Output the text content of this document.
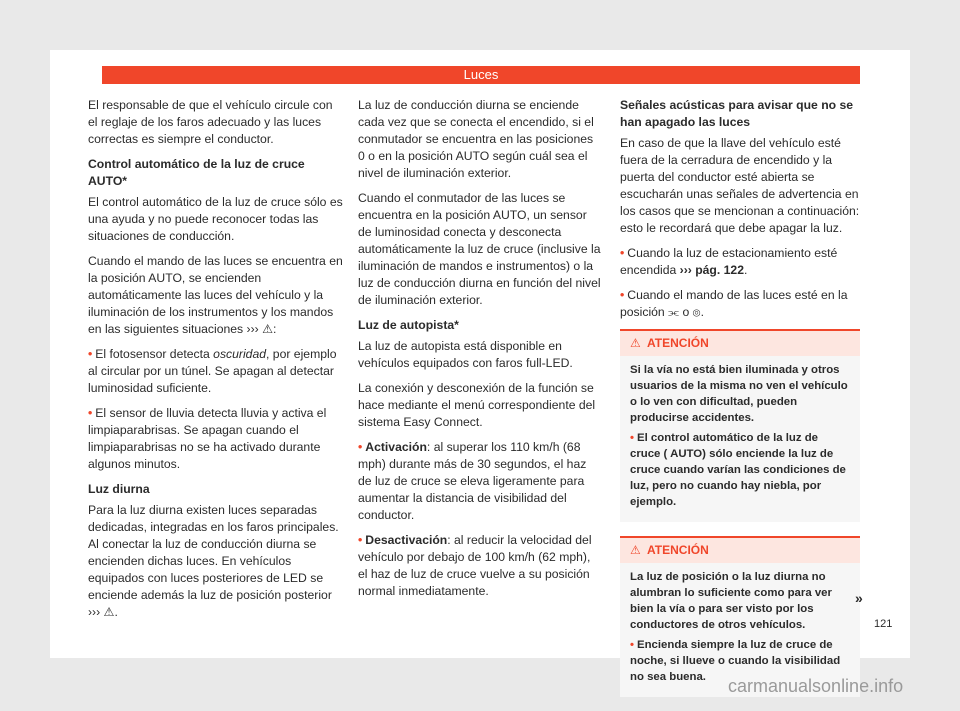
Luces

El responsable de que el vehículo circule con el reglaje de los faros adecuado y las luces correctas es siempre el conductor.

Control automático de la luz de cruce AUTO*

El control automático de la luz de cruce sólo es una ayuda y no puede reconocer todas las situaciones de conducción.

Cuando el mando de las luces se encuentra en la posición AUTO, se encienden automáticamente las luces del vehículo y la iluminación de los instrumentos y los mandos en las siguientes situaciones ››› ⚠:

• El fotosensor detecta oscuridad, por ejemplo al circular por un túnel. Se apagan al detectar luminosidad suficiente.

• El sensor de lluvia detecta lluvia y activa el limpiaparabrisas. Se apagan cuando el limpiaparabrisas no se ha activado durante algunos minutos.

Luz diurna

Para la luz diurna existen luces separadas dedicadas, integradas en los faros principales. Al conectar la luz de conducción diurna se encienden dichas luces. En vehículos equipados con luces posteriores de LED se enciende además la luz de posición posterior ››› ⚠.

La luz de conducción diurna se enciende cada vez que se conecta el encendido, si el conmutador se encuentra en las posiciones 0 o en la posición AUTO según cuál sea el nivel de iluminación exterior.

Cuando el conmutador de las luces se encuentra en la posición AUTO, un sensor de luminosidad conecta y desconecta automáticamente la luz de cruce (inclusive la iluminación de mandos e instrumentos) o la luz de conducción diurna en función del nivel de iluminación exterior.

Luz de autopista*

La luz de autopista está disponible en vehículos equipados con faros full-LED.

La conexión y desconexión de la función se hace mediante el menú correspondiente del sistema Easy Connect.

• Activación: al superar los 110 km/h (68 mph) durante más de 30 segundos, el haz de luz de cruce se eleva ligeramente para aumentar la distancia de visibilidad del conductor.

• Desactivación: al reducir la velocidad del vehículo por debajo de 100 km/h (62 mph), el haz de luz de cruce vuelve a su posición normal inmediatamente.

Señales acústicas para avisar que no se han apagado las luces

En caso de que la llave del vehículo esté fuera de la cerradura de encendido y la puerta del conductor esté abierta se escucharán unas señales de advertencia en los casos que se mencionan a continuación: esto le recordará que debe apagar la luz.

• Cuando la luz de estacionamiento esté encendida ››› pág. 122.

• Cuando el mando de las luces esté en la posición ⫘ o ⦾.

⚠ ATENCIÓN

Si la vía no está bien iluminada y otros usuarios de la misma no ven el vehículo o lo ven con dificultad, pueden producirse accidentes.

• El control automático de la luz de cruce ( AUTO) sólo enciende la luz de cruce cuando varían las condiciones de luz, pero no cuando hay niebla, por ejemplo.

⚠ ATENCIÓN

La luz de posición o la luz diurna no alumbran lo suficiente como para ver bien la vía o para ser visto por los conductores de otros vehículos.

• Encienda siempre la luz de cruce de noche, si llueve o cuando la visibilidad no sea buena.

»
121
carmanualsonline.info
